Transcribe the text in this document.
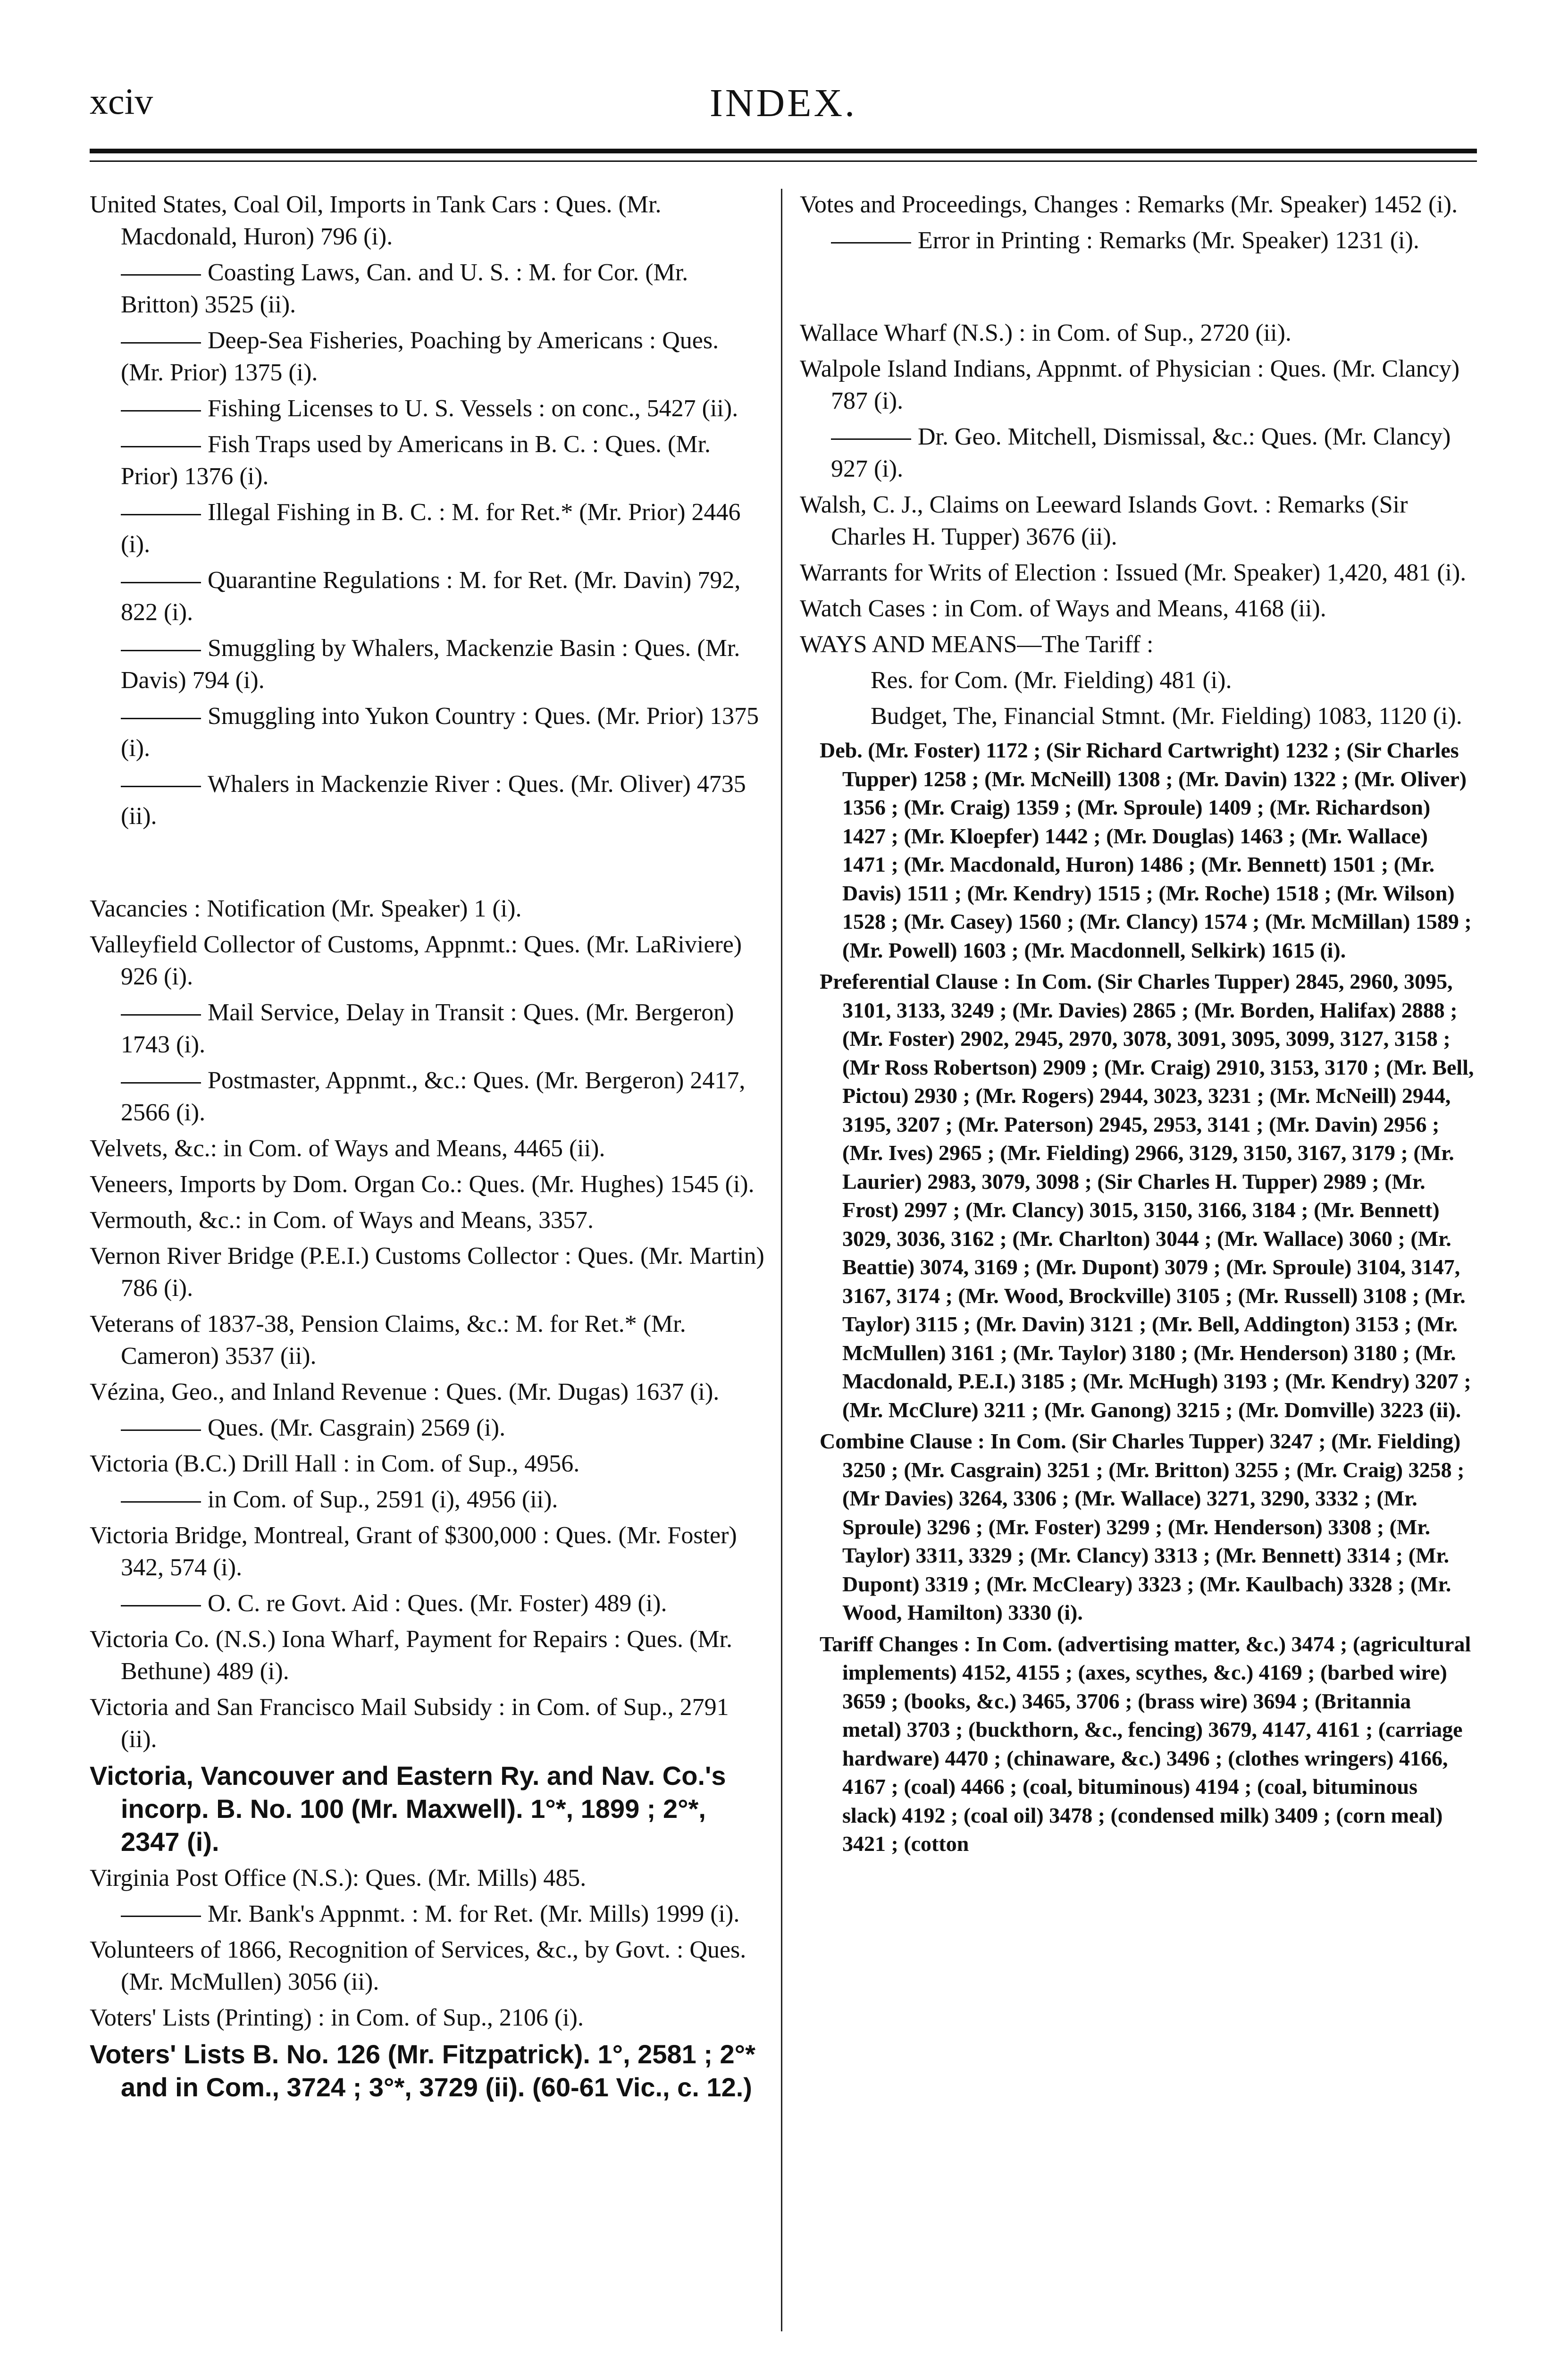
xciv	INDEX.

United States, Coal Oil, Imports in Tank Cars : Ques. (Mr. Macdonald, Huron) 796 (i).

Coasting Laws, Can. and U. S. : M. for Cor. (Mr. Britton) 3525 (ii).

Deep-Sea Fisheries, Poaching by Americans : Ques. (Mr. Prior) 1375 (i).

Fishing Licenses to U. S. Vessels : on conc., 5427 (ii).

Fish Traps used by Americans in B. C. : Ques. (Mr. Prior) 1376 (i).

Illegal Fishing in B. C. : M. for Ret.* (Mr. Prior) 2446 (i).

Quarantine Regulations : M. for Ret. (Mr. Davin) 792, 822 (i).

Smuggling by Whalers, Mackenzie Basin : Ques. (Mr. Davis) 794 (i).

Smuggling into Yukon Country : Ques. (Mr. Prior) 1375 (i).

Whalers in Mackenzie River : Ques. (Mr. Oliver) 4735 (ii).

Vacancies : Notification (Mr. Speaker) 1 (i).

Valleyfield Collector of Customs, Appnmt.: Ques. (Mr. LaRiviere) 926 (i).

Mail Service, Delay in Transit : Ques. (Mr. Bergeron) 1743 (i).

Postmaster, Appnmt., &c.: Ques. (Mr. Bergeron) 2417, 2566 (i).

Velvets, &c.: in Com. of Ways and Means, 4465 (ii).

Veneers, Imports by Dom. Organ Co.: Ques. (Mr. Hughes) 1545 (i).

Vermouth, &c.: in Com. of Ways and Means, 3357.

Vernon River Bridge (P.E.I.) Customs Collector : Ques. (Mr. Martin) 786 (i).

Veterans of 1837-38, Pension Claims, &c.: M. for Ret.* (Mr. Cameron) 3537 (ii).

Vézina, Geo., and Inland Revenue : Ques. (Mr. Dugas) 1637 (i).

Ques. (Mr. Casgrain) 2569 (i).

Victoria (B.C.) Drill Hall : in Com. of Sup., 4956.

in Com. of Sup., 2591 (i), 4956 (ii).

Victoria Bridge, Montreal, Grant of $300,000 : Ques. (Mr. Foster) 342, 574 (i).

O. C. re Govt. Aid : Ques. (Mr. Foster) 489 (i).

Victoria Co. (N.S.) Iona Wharf, Payment for Repairs : Ques. (Mr. Bethune) 489 (i).

Victoria and San Francisco Mail Subsidy : in Com. of Sup., 2791 (ii).

Victoria, Vancouver and Eastern Ry. and Nav. Co.'s incorp. B. No. 100 (Mr. Maxwell). 1°*, 1899 ; 2°*, 2347 (i).

Virginia Post Office (N.S.): Ques. (Mr. Mills) 485.

Mr. Bank's Appnmt. : M. for Ret. (Mr. Mills) 1999 (i).

Volunteers of 1866, Recognition of Services, &c., by Govt. : Ques. (Mr. McMullen) 3056 (ii).

Voters' Lists (Printing) : in Com. of Sup., 2106 (i).

Voters' Lists B. No. 126 (Mr. Fitzpatrick). 1°, 2581 ; 2°* and in Com., 3724 ; 3°*, 3729 (ii). (60-61 Vic., c. 12.)

Votes and Proceedings, Changes : Remarks (Mr. Speaker) 1452 (i).

Error in Printing : Remarks (Mr. Speaker) 1231 (i).

Wallace Wharf (N.S.) : in Com. of Sup., 2720 (ii).

Walpole Island Indians, Appnmt. of Physician : Ques. (Mr. Clancy) 787 (i).

Dr. Geo. Mitchell, Dismissal, &c.: Ques. (Mr. Clancy) 927 (i).

Walsh, C. J., Claims on Leeward Islands Govt. : Remarks (Sir Charles H. Tupper) 3676 (ii).

Warrants for Writs of Election : Issued (Mr. Speaker) 1,420, 481 (i).

Watch Cases : in Com. of Ways and Means, 4168 (ii).

WAYS AND MEANS—The Tariff :

Res. for Com. (Mr. Fielding) 481 (i).

Budget, The, Financial Stmnt. (Mr. Fielding) 1083, 1120 (i).

Deb. (Mr. Foster) 1172 ; (Sir Richard Cartwright) 1232 ; (Sir Charles Tupper) 1258 ; (Mr. McNeill) 1308 ; (Mr. Davin) 1322 ; (Mr. Oliver) 1356 ; (Mr. Craig) 1359 ; (Mr. Sproule) 1409 ; (Mr. Richardson) 1427 ; (Mr. Kloepfer) 1442 ; (Mr. Douglas) 1463 ; (Mr. Wallace) 1471 ; (Mr. Macdonald, Huron) 1486 ; (Mr. Bennett) 1501 ; (Mr. Davis) 1511 ; (Mr. Kendry) 1515 ; (Mr. Roche) 1518 ; (Mr. Wilson) 1528 ; (Mr. Casey) 1560 ; (Mr. Clancy) 1574 ; (Mr. McMillan) 1589 ; (Mr. Powell) 1603 ; (Mr. Macdonnell, Selkirk) 1615 (i).

Preferential Clause : In Com. (Sir Charles Tupper) 2845, 2960, 3095, 3101, 3133, 3249 ; (Mr. Davies) 2865 ; (Mr. Borden, Halifax) 2888 ; (Mr. Foster) 2902, 2945, 2970, 3078, 3091, 3095, 3099, 3127, 3158 ; (Mr Ross Robertson) 2909 ; (Mr. Craig) 2910, 3153, 3170 ; (Mr. Bell, Pictou) 2930 ; (Mr. Rogers) 2944, 3023, 3231 ; (Mr. McNeill) 2944, 3195, 3207 ; (Mr. Paterson) 2945, 2953, 3141 ; (Mr. Davin) 2956 ; (Mr. Ives) 2965 ; (Mr. Fielding) 2966, 3129, 3150, 3167, 3179 ; (Mr. Laurier) 2983, 3079, 3098 ; (Sir Charles H. Tupper) 2989 ; (Mr. Frost) 2997 ; (Mr. Clancy) 3015, 3150, 3166, 3184 ; (Mr. Bennett) 3029, 3036, 3162 ; (Mr. Charlton) 3044 ; (Mr. Wallace) 3060 ; (Mr. Beattie) 3074, 3169 ; (Mr. Dupont) 3079 ; (Mr. Sproule) 3104, 3147, 3167, 3174 ; (Mr. Wood, Brockville) 3105 ; (Mr. Russell) 3108 ; (Mr. Taylor) 3115 ; (Mr. Davin) 3121 ; (Mr. Bell, Addington) 3153 ; (Mr. McMullen) 3161 ; (Mr. Taylor) 3180 ; (Mr. Henderson) 3180 ; (Mr. Macdonald, P.E.I.) 3185 ; (Mr. McHugh) 3193 ; (Mr. Kendry) 3207 ; (Mr. McClure) 3211 ; (Mr. Ganong) 3215 ; (Mr. Domville) 3223 (ii).

Combine Clause : In Com. (Sir Charles Tupper) 3247 ; (Mr. Fielding) 3250 ; (Mr. Casgrain) 3251 ; (Mr. Britton) 3255 ; (Mr. Craig) 3258 ; (Mr Davies) 3264, 3306 ; (Mr. Wallace) 3271, 3290, 3332 ; (Mr. Sproule) 3296 ; (Mr. Foster) 3299 ; (Mr. Henderson) 3308 ; (Mr. Taylor) 3311, 3329 ; (Mr. Clancy) 3313 ; (Mr. Bennett) 3314 ; (Mr. Dupont) 3319 ; (Mr. McCleary) 3323 ; (Mr. Kaulbach) 3328 ; (Mr. Wood, Hamilton) 3330 (i).

Tariff Changes : In Com. (advertising matter, &c.) 3474 ; (agricultural implements) 4152, 4155 ; (axes, scythes, &c.) 4169 ; (barbed wire) 3659 ; (books, &c.) 3465, 3706 ; (brass wire) 3694 ; (Britannia metal) 3703 ; (buckthorn, &c., fencing) 3679, 4147, 4161 ; (carriage hardware) 4470 ; (chinaware, &c.) 3496 ; (clothes wringers) 4166, 4167 ; (coal) 4466 ; (coal, bituminous) 4194 ; (coal, bituminous slack) 4192 ; (coal oil) 3478 ; (condensed milk) 3409 ; (corn meal) 3421 ; (cotton
